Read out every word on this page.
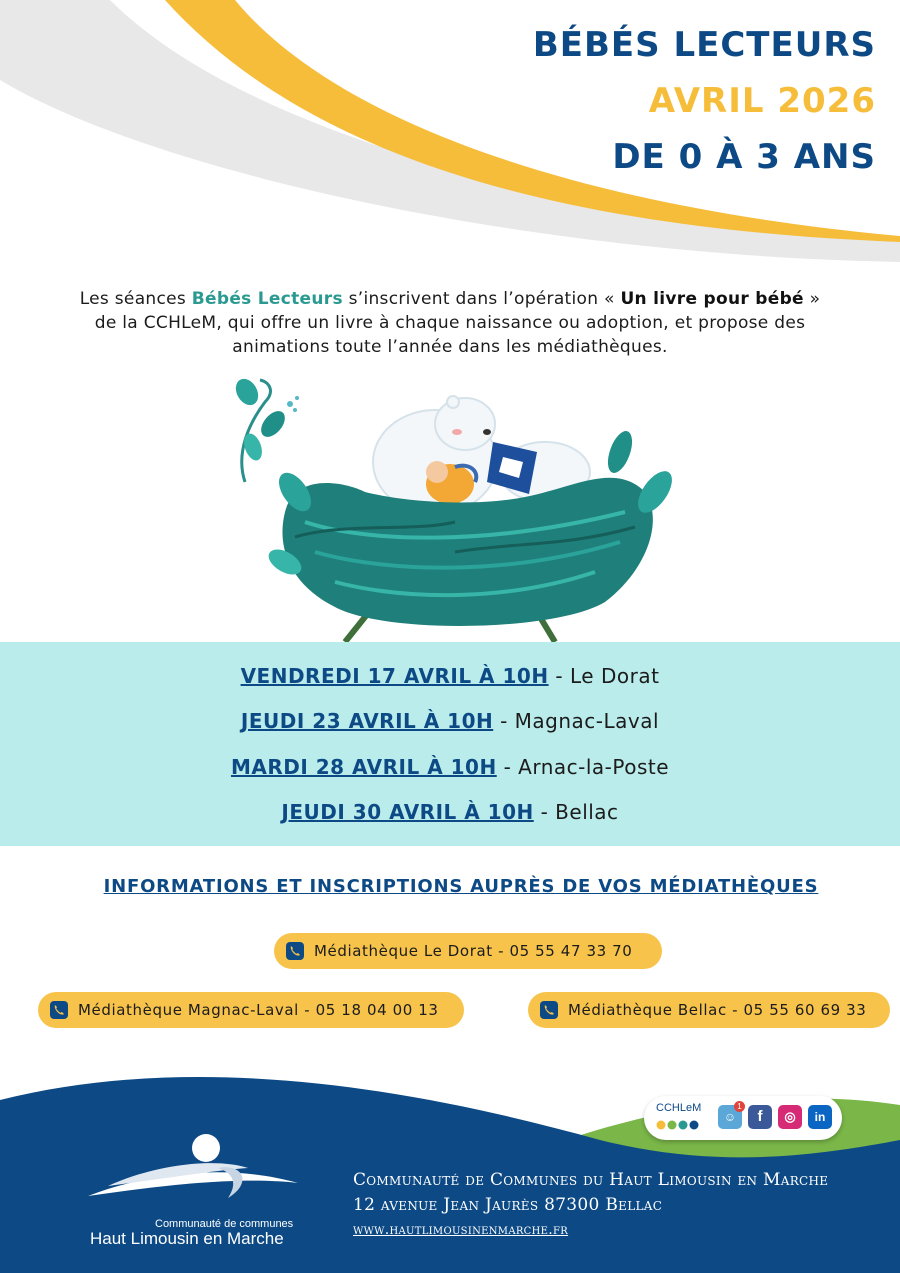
BÉBÉS LECTEURS
AVRIL 2026
DE 0 À 3 ANS
Les séances Bébés Lecteurs s’inscrivent dans l’opération « Un livre pour bébé »
de la CCHLeM, qui offre un livre à chaque naissance ou adoption, et propose des
animations toute l’année dans les médiathèques.
VENDREDI 17 AVRIL À 10H - Le Dorat
JEUDI 23 AVRIL À 10H - Magnac-Laval
MARDI 28 AVRIL À 10H - Arnac-la-Poste
JEUDI 30 AVRIL À 10H - Bellac
INFORMATIONS ET INSCRIPTIONS AUPRÈS DE VOS MÉDIATHÈQUES
Médiathèque Le Dorat - 05 55 47 33 70
Médiathèque Magnac-Laval - 05 18 04 00 13	Médiathèque Bellac - 05 55 60 69 33
Communauté de communes
Haut Limousin en Marche
Communauté de Communes du Haut Limousin en Marche
12 avenue Jean Jaurès 87300 Bellac
www.hautlimousinenmarche.fr
CCHLeM
☺
1
f	◎	in
